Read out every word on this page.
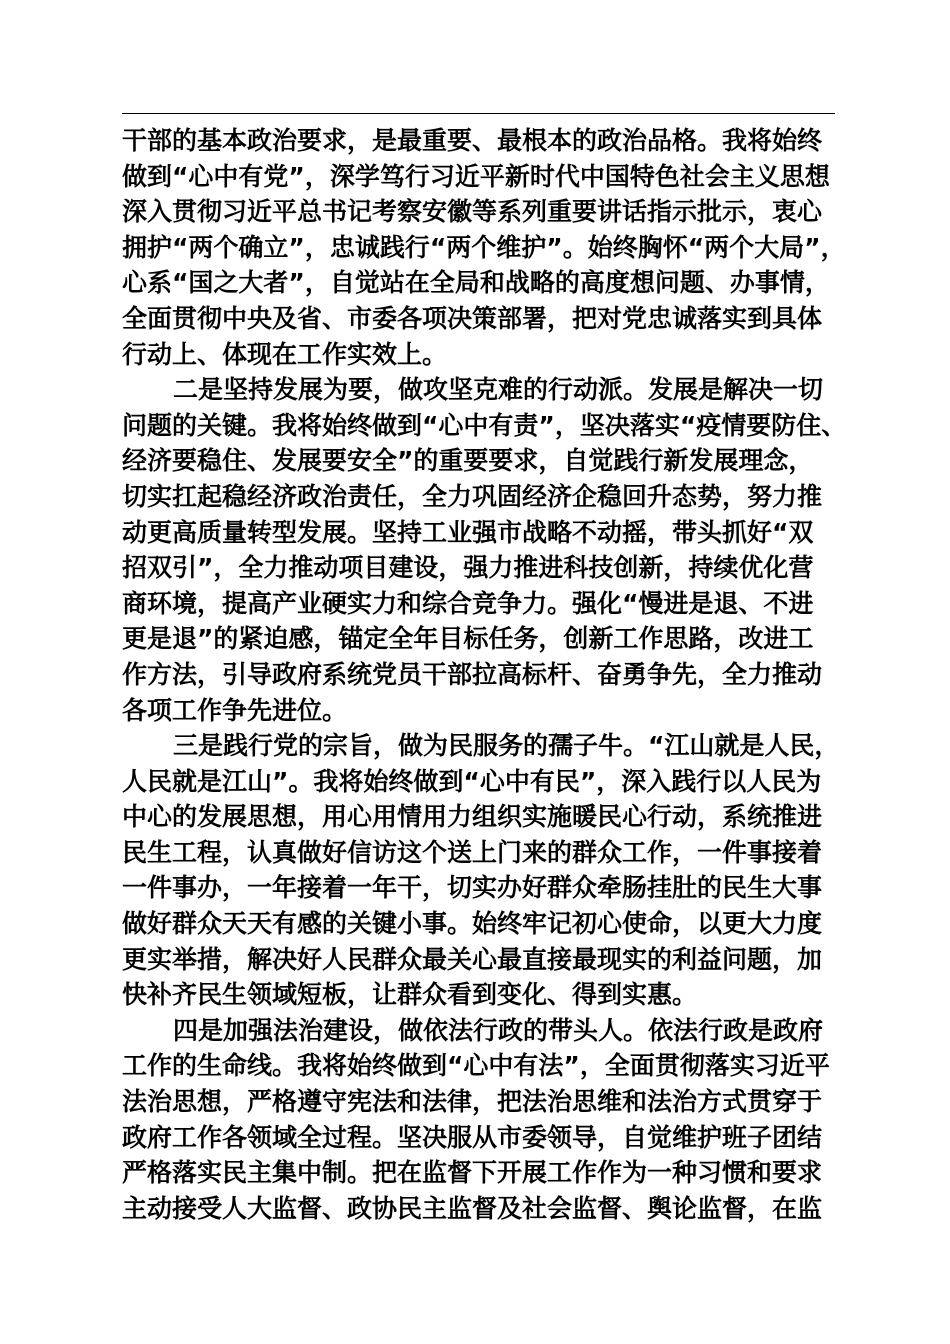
干部的基本政治要求，是最重要、最根本的政治品格。我将始终
做到“心中有党”，深学笃行习近平新时代中国特色社会主义思想
深入贯彻习近平总书记考察安徽等系列重要讲话指示批示，衷心
拥护“两个确立”，忠诚践行“两个维护”。始终胸怀“两个大局”，
心系“国之大者”，自觉站在全局和战略的高度想问题、办事情，
全面贯彻中央及省、市委各项决策部署，把对党忠诚落实到具体
行动上、体现在工作实效上。
二是坚持发展为要，做攻坚克难的行动派。发展是解决一切
问题的关键。我将始终做到“心中有责”，坚决落实“疫情要防住、
经济要稳住、发展要安全”的重要要求，自觉践行新发展理念，
切实扛起稳经济政治责任，全力巩固经济企稳回升态势，努力推
动更高质量转型发展。坚持工业强市战略不动摇，带头抓好“双
招双引”，全力推动项目建设，强力推进科技创新，持续优化营
商环境，提高产业硬实力和综合竞争力。强化“慢进是退、不进
更是退”的紧迫感，锚定全年目标任务，创新工作思路，改进工
作方法，引导政府系统党员干部拉高标杆、奋勇争先，全力推动
各项工作争先进位。
三是践行党的宗旨，做为民服务的孺子牛。“江山就是人民，
人民就是江山”。我将始终做到“心中有民”，深入践行以人民为
中心的发展思想，用心用情用力组织实施暖民心行动，系统推进
民生工程，认真做好信访这个送上门来的群众工作，一件事接着
一件事办，一年接着一年干，切实办好群众牵肠挂肚的民生大事
做好群众天天有感的关键小事。始终牢记初心使命，以更大力度
更实举措，解决好人民群众最关心最直接最现实的利益问题，加
快补齐民生领域短板，让群众看到变化、得到实惠。
四是加强法治建设，做依法行政的带头人。依法行政是政府
工作的生命线。我将始终做到“心中有法”，全面贯彻落实习近平
法治思想，严格遵守宪法和法律，把法治思维和法治方式贯穿于
政府工作各领域全过程。坚决服从市委领导，自觉维护班子团结
严格落实民主集中制。把在监督下开展工作作为一种习惯和要求
主动接受人大监督、政协民主监督及社会监督、舆论监督，在监
